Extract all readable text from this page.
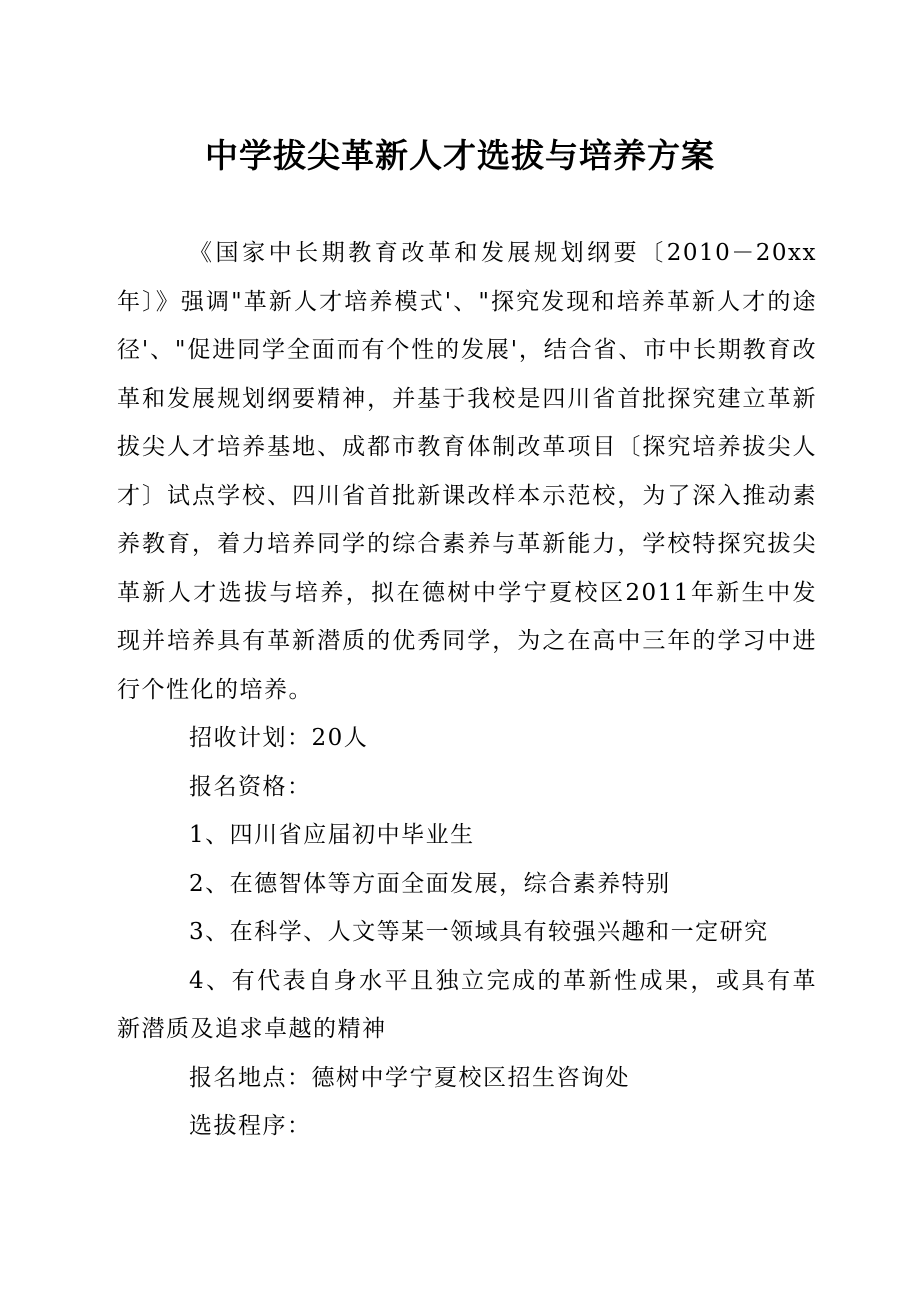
中学拔尖革新人才选拔与培养方案

《国家中长期教育改革和发展规划纲要〔2010－20xx年〕》强调"革新人才培养模式'、"探究发现和培养革新人才的途径'、"促进同学全面而有个性的发展'，结合省、市中长期教育改革和发展规划纲要精神，并基于我校是四川省首批探究建立革新拔尖人才培养基地、成都市教育体制改革项目〔探究培养拔尖人才〕试点学校、四川省首批新课改样本示范校，为了深入推动素养教育，着力培养同学的综合素养与革新能力，学校特探究拔尖革新人才选拔与培养，拟在德树中学宁夏校区2011年新生中发现并培养具有革新潜质的优秀同学，为之在高中三年的学习中进行个性化的培养。

招收计划：20人

报名资格：

1、四川省应届初中毕业生

2、在德智体等方面全面发展，综合素养特别

3、在科学、人文等某一领域具有较强兴趣和一定研究

4、有代表自身水平且独立完成的革新性成果，或具有革新潜质及追求卓越的精神

报名地点：德树中学宁夏校区招生咨询处

选拔程序：
